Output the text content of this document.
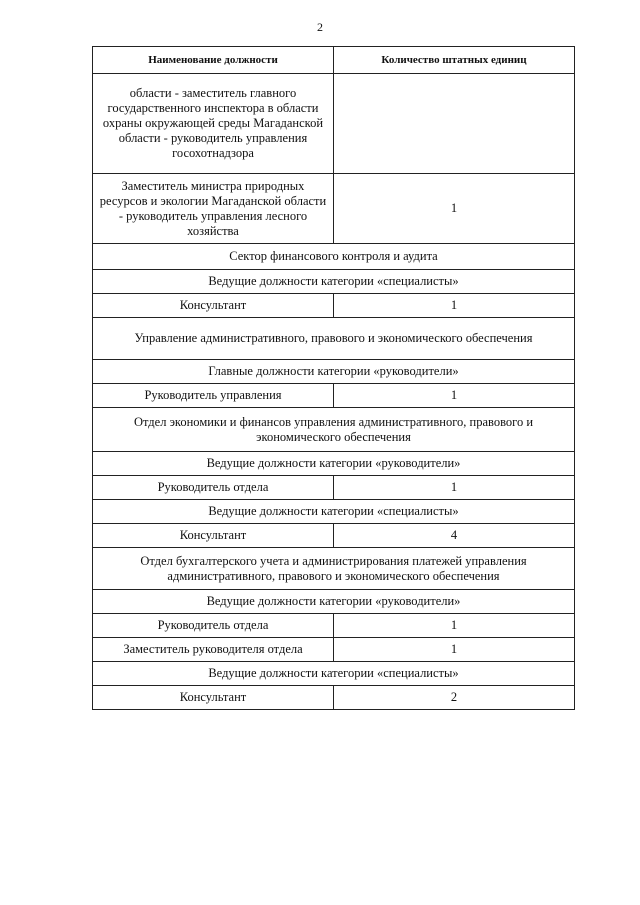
2
Наименование должности	Количество штатных единиц
области - заместитель главного государственного инспектора в области охраны окружающей среды Магаданской области - руководитель управления госохотнадзора	
Заместитель министра природных ресурсов и экологии Магаданской области - руководитель управления лесного хозяйства	1
Сектор финансового контроля и аудита	
Ведущие должности категории «специалисты»	
Консультант	1
Управление административного, правового и экономического обеспечения	
Главные должности категории «руководители»	
Руководитель управления	1
Отдел экономики и финансов управления административного, правового и экономического обеспечения	
Ведущие должности категории «руководители»	
Руководитель отдела	1
Ведущие должности категории «специалисты»	
Консультант	4
Отдел бухгалтерского учета и администрирования платежей управления административного, правового и экономического обеспечения	
Ведущие должности категории «руководители»	
Руководитель отдела	1
Заместитель руководителя отдела	1
Ведущие должности категории «специалисты»	
Консультант	2
